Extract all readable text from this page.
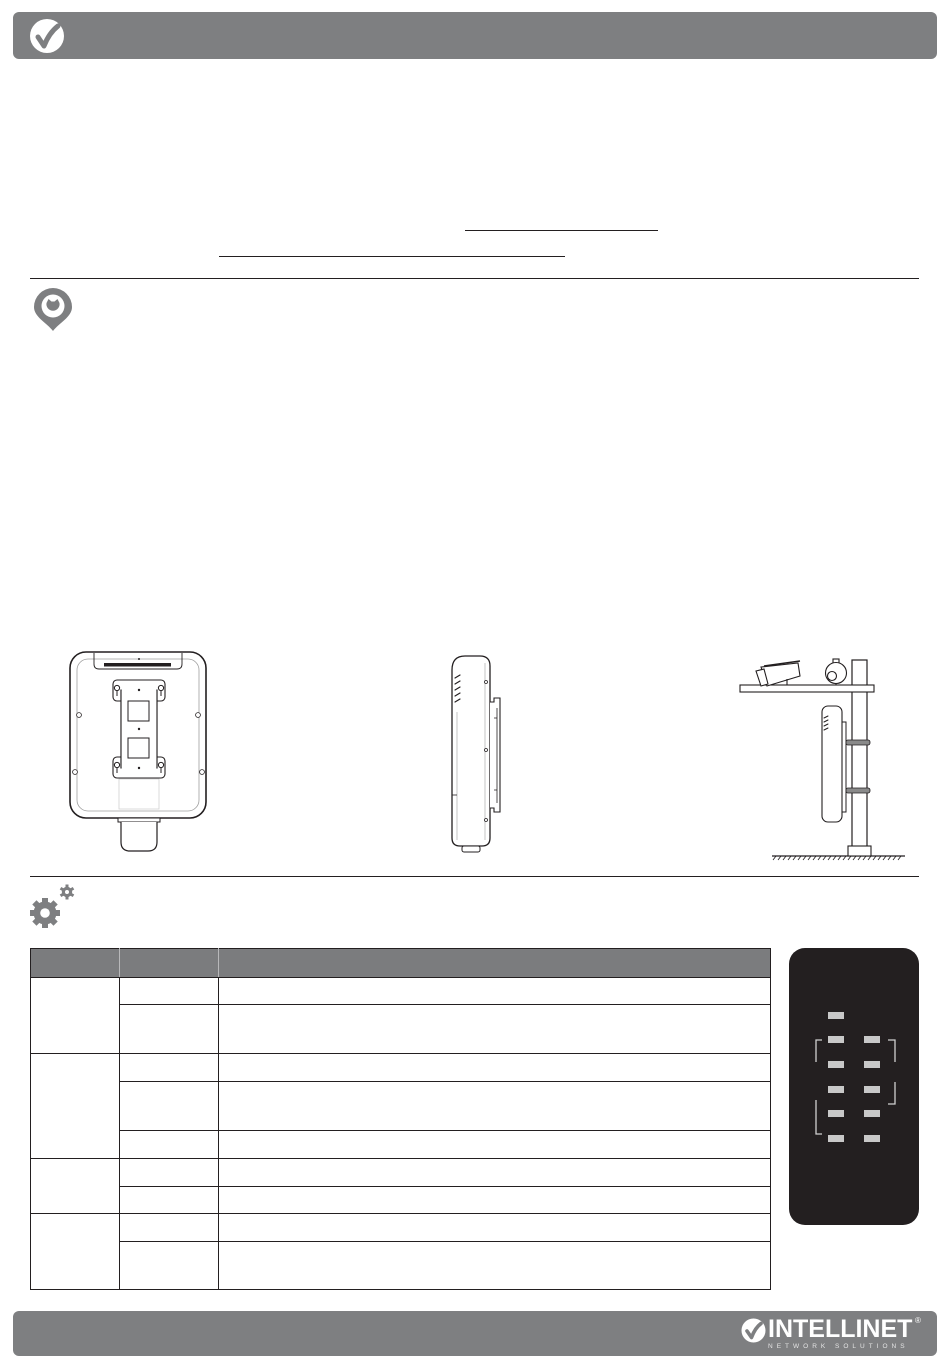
INTELLINET ®
NETWORK SOLUTIONS
